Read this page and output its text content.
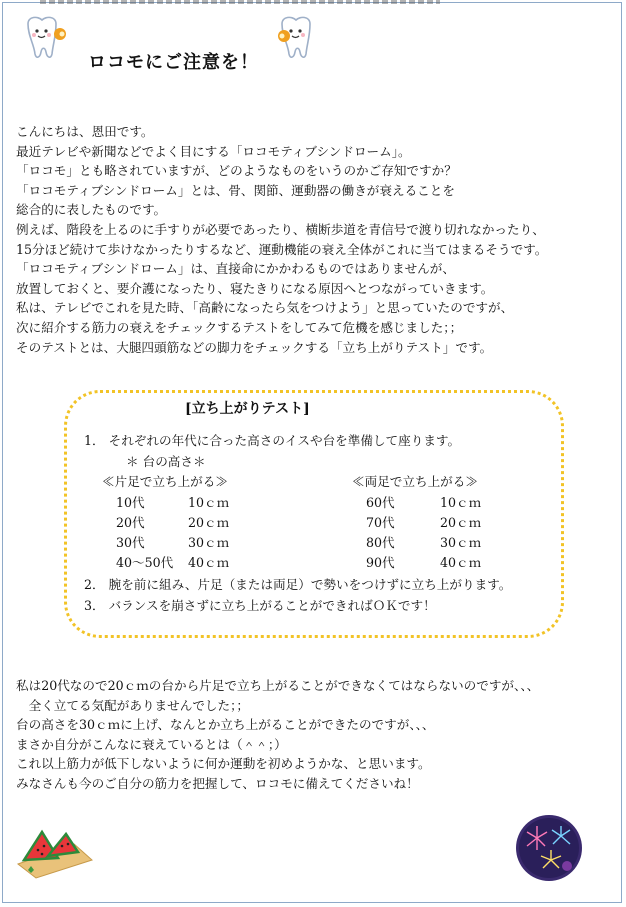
ロコモにご注意を！
こんにちは、恩田です。
最近テレビや新聞などでよく目にする「ロコモティブシンドローム」。
「ロコモ」とも略されていますが、どのようなものをいうのかご存知ですか？
「ロコモティブシンドローム」とは、骨、関節、運動器の働きが衰えることを
総合的に表したものです。
例えば、階段を上るのに手すりが必要であったり、横断歩道を青信号で渡り切れなかったり、
15分ほど続けて歩けなかったりするなど、運動機能の衰え全体がこれに当てはまるそうです。
「ロコモティブシンドローム」は、直接命にかかわるものではありませんが、
放置しておくと、要介護になったり、寝たきりになる原因へとつながっていきます。
私は、テレビでこれを見た時、「高齢になったら気をつけよう」と思っていたのですが、
次に紹介する筋力の衰えをチェックするテストをしてみて危機を感じました；；
そのテストとは、大腿四頭筋などの脚力をチェックする「立ち上がりテスト」です。
[立ち上がりテスト]
1． それぞれの年代に合った高さのイスや台を準備して座ります。
＊ 台の高さ＊
≪片足で立ち上がる≫	≪両足で立ち上がる≫
10代	10ｃｍ
20代	20ｃｍ
30代	30ｃｍ
40～50代 40ｃｍ
60代	10ｃｍ
70代	20ｃｍ
80代	30ｃｍ
90代	40ｃｍ
2． 腕を前に組み、片足（または両足）で勢いをつけずに立ち上がります。
3． バランスを崩さずに立ち上がることができればＯＫです！
私は20代なので20ｃｍの台から片足で立ち上がることができなくてはならないのですが、、、
　全く立てる気配がありませんでした；；
台の高さを30ｃｍに上げ、なんとか立ち上がることができたのですが、、、
まさか自分がこんなに衰えているとは（＾＾；）
これ以上筋力が低下しないように何か運動を初めようかな、と思います。
みなさんも今のご自分の筋力を把握して、ロコモに備えてくださいね！
